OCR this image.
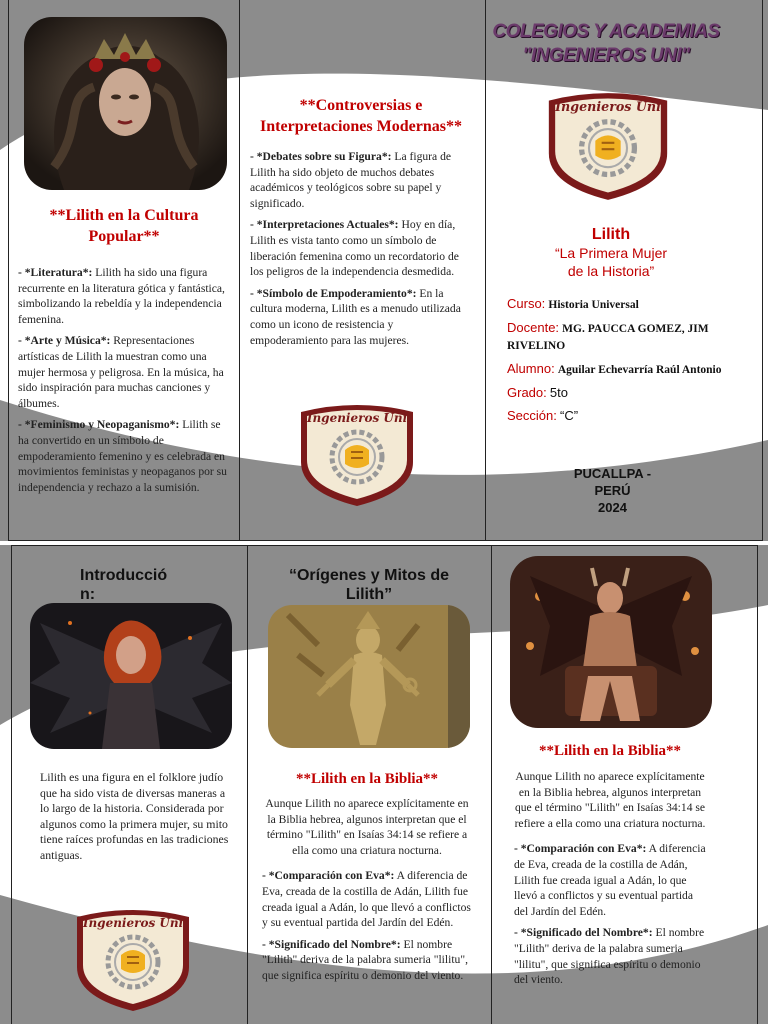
**Lilith en la Cultura Popular**

- *Literatura*: Lilith ha sido una figura recurrente en la literatura gótica y fantástica, simbolizando la rebeldía y la independencia femenina.

- *Arte y Música*: Representaciones artísticas de Lilith la muestran como una mujer hermosa y peligrosa. En la música, ha sido inspiración para muchas canciones y álbumes.

- *Feminismo y Neopaganismo*: Lilith se ha convertido en un símbolo de empoderamiento femenino y es celebrada en movimientos feministas y neopaganos por su independencia y rechazo a la sumisión.

**Controversias e Interpretaciones Modernas**

- *Debates sobre su Figura*: La figura de Lilith ha sido objeto de muchos debates académicos y teológicos sobre su papel y significado.

- *Interpretaciones Actuales*: Hoy en día, Lilith es vista tanto como un símbolo de liberación femenina como un recordatorio de los peligros de la independencia desmedida.

- *Símbolo de Empoderamiento*: En la cultura moderna, Lilith es a menudo utilizada como un icono de resistencia y empoderamiento para las mujeres.

Ingenieros Uni
COLEGIOS Y ACADEMIAS
"INGENIEROS UNI"
Ingenieros Uni
Lilith
“La Primera Mujer
de la Historia”
Curso: Historia Universal
Docente: MG. PAUCCA GOMEZ, JIM RIVELINO
Alumno: Aguilar Echevarría Raúl Antonio
Grado: 5to
Sección: “C”
PUCALLPA -
PERÚ
2024
Introducció
n:
Lilith es una figura en el folklore judío que ha sido vista de diversas maneras a lo largo de la historia. Considerada por algunos como la primera mujer, su mito tiene raíces profundas en las tradiciones antiguas.
Ingenieros Uni
“Orígenes y Mitos de
Lilith”
**Lilith en la Biblia**

Aunque Lilith no aparece explícitamente en la Biblia hebrea, algunos interpretan que el término "Lilith" en Isaías 34:14 se refiere a ella como una criatura nocturna.

- *Comparación con Eva*: A diferencia de Eva, creada de la costilla de Adán, Lilith fue creada igual a Adán, lo que llevó a conflictos y su eventual partida del Jardín del Edén.

- *Significado del Nombre*: El nombre "Lilith" deriva de la palabra sumeria "lilitu", que significa espíritu o demonio del viento.

**Lilith en la Biblia**

Aunque Lilith no aparece explícitamente en la Biblia hebrea, algunos interpretan que el término "Lilith" en Isaías 34:14 se refiere a ella como una criatura nocturna.

- *Comparación con Eva*: A diferencia de Eva, creada de la costilla de Adán, Lilith fue creada igual a Adán, lo que llevó a conflictos y su eventual partida del Jardín del Edén.

- *Significado del Nombre*: El nombre "Lilith" deriva de la palabra sumeria "lilitu", que significa espíritu o demonio del viento.
